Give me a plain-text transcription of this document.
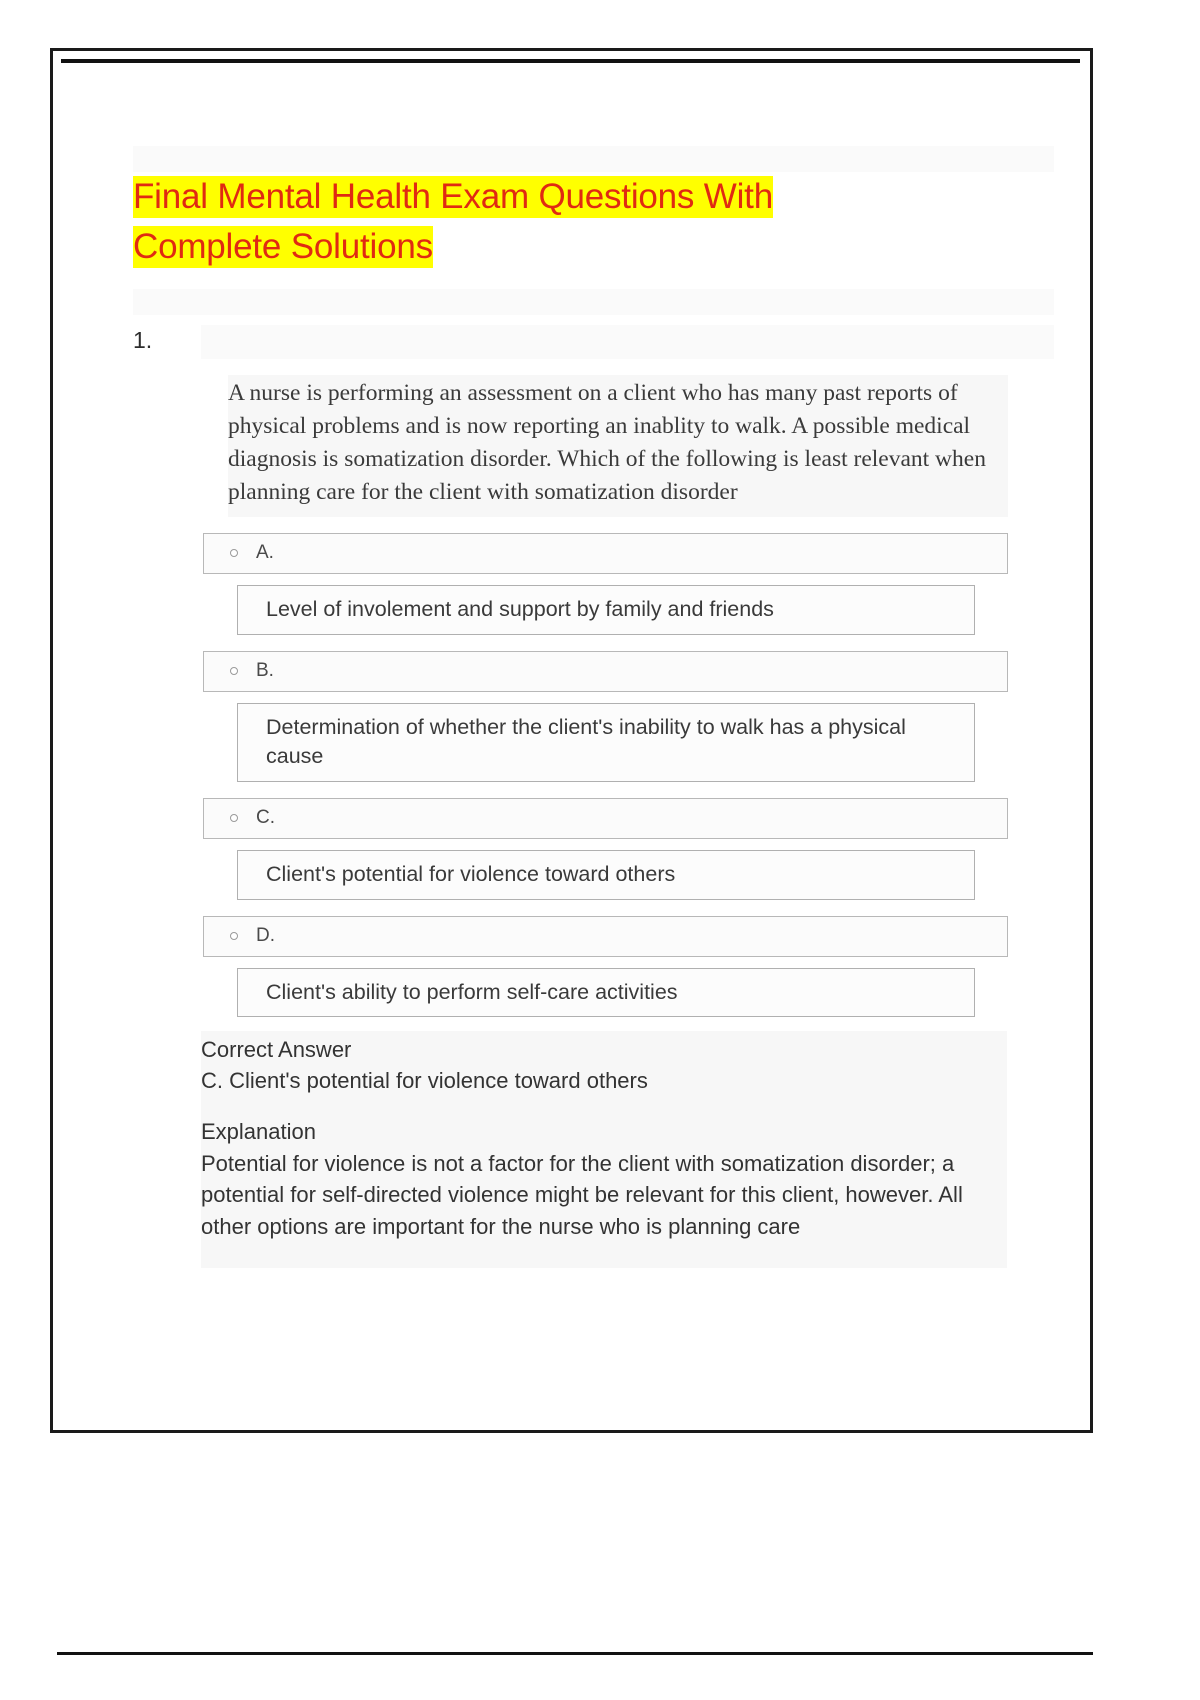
Final Mental Health Exam Questions With
Complete Solutions
1.
A nurse is performing an assessment on a client who has many past reports of physical problems and is now reporting an inablity to walk. A possible medical diagnosis is somatization disorder. Which of the following is least relevant when planning care for the client with somatization disorder
A.
Level of involement and support by family and friends
B.
Determination of whether the client's inability to walk has a physical cause
C.
Client's potential for violence toward others
D.
Client's ability to perform self-care activities
Correct Answer
C. Client's potential for violence toward others
Explanation
Potential for violence is not a factor for the client with somatization disorder; a potential for self-directed violence might be relevant for this client, however. All other options are important for the nurse who is planning care
